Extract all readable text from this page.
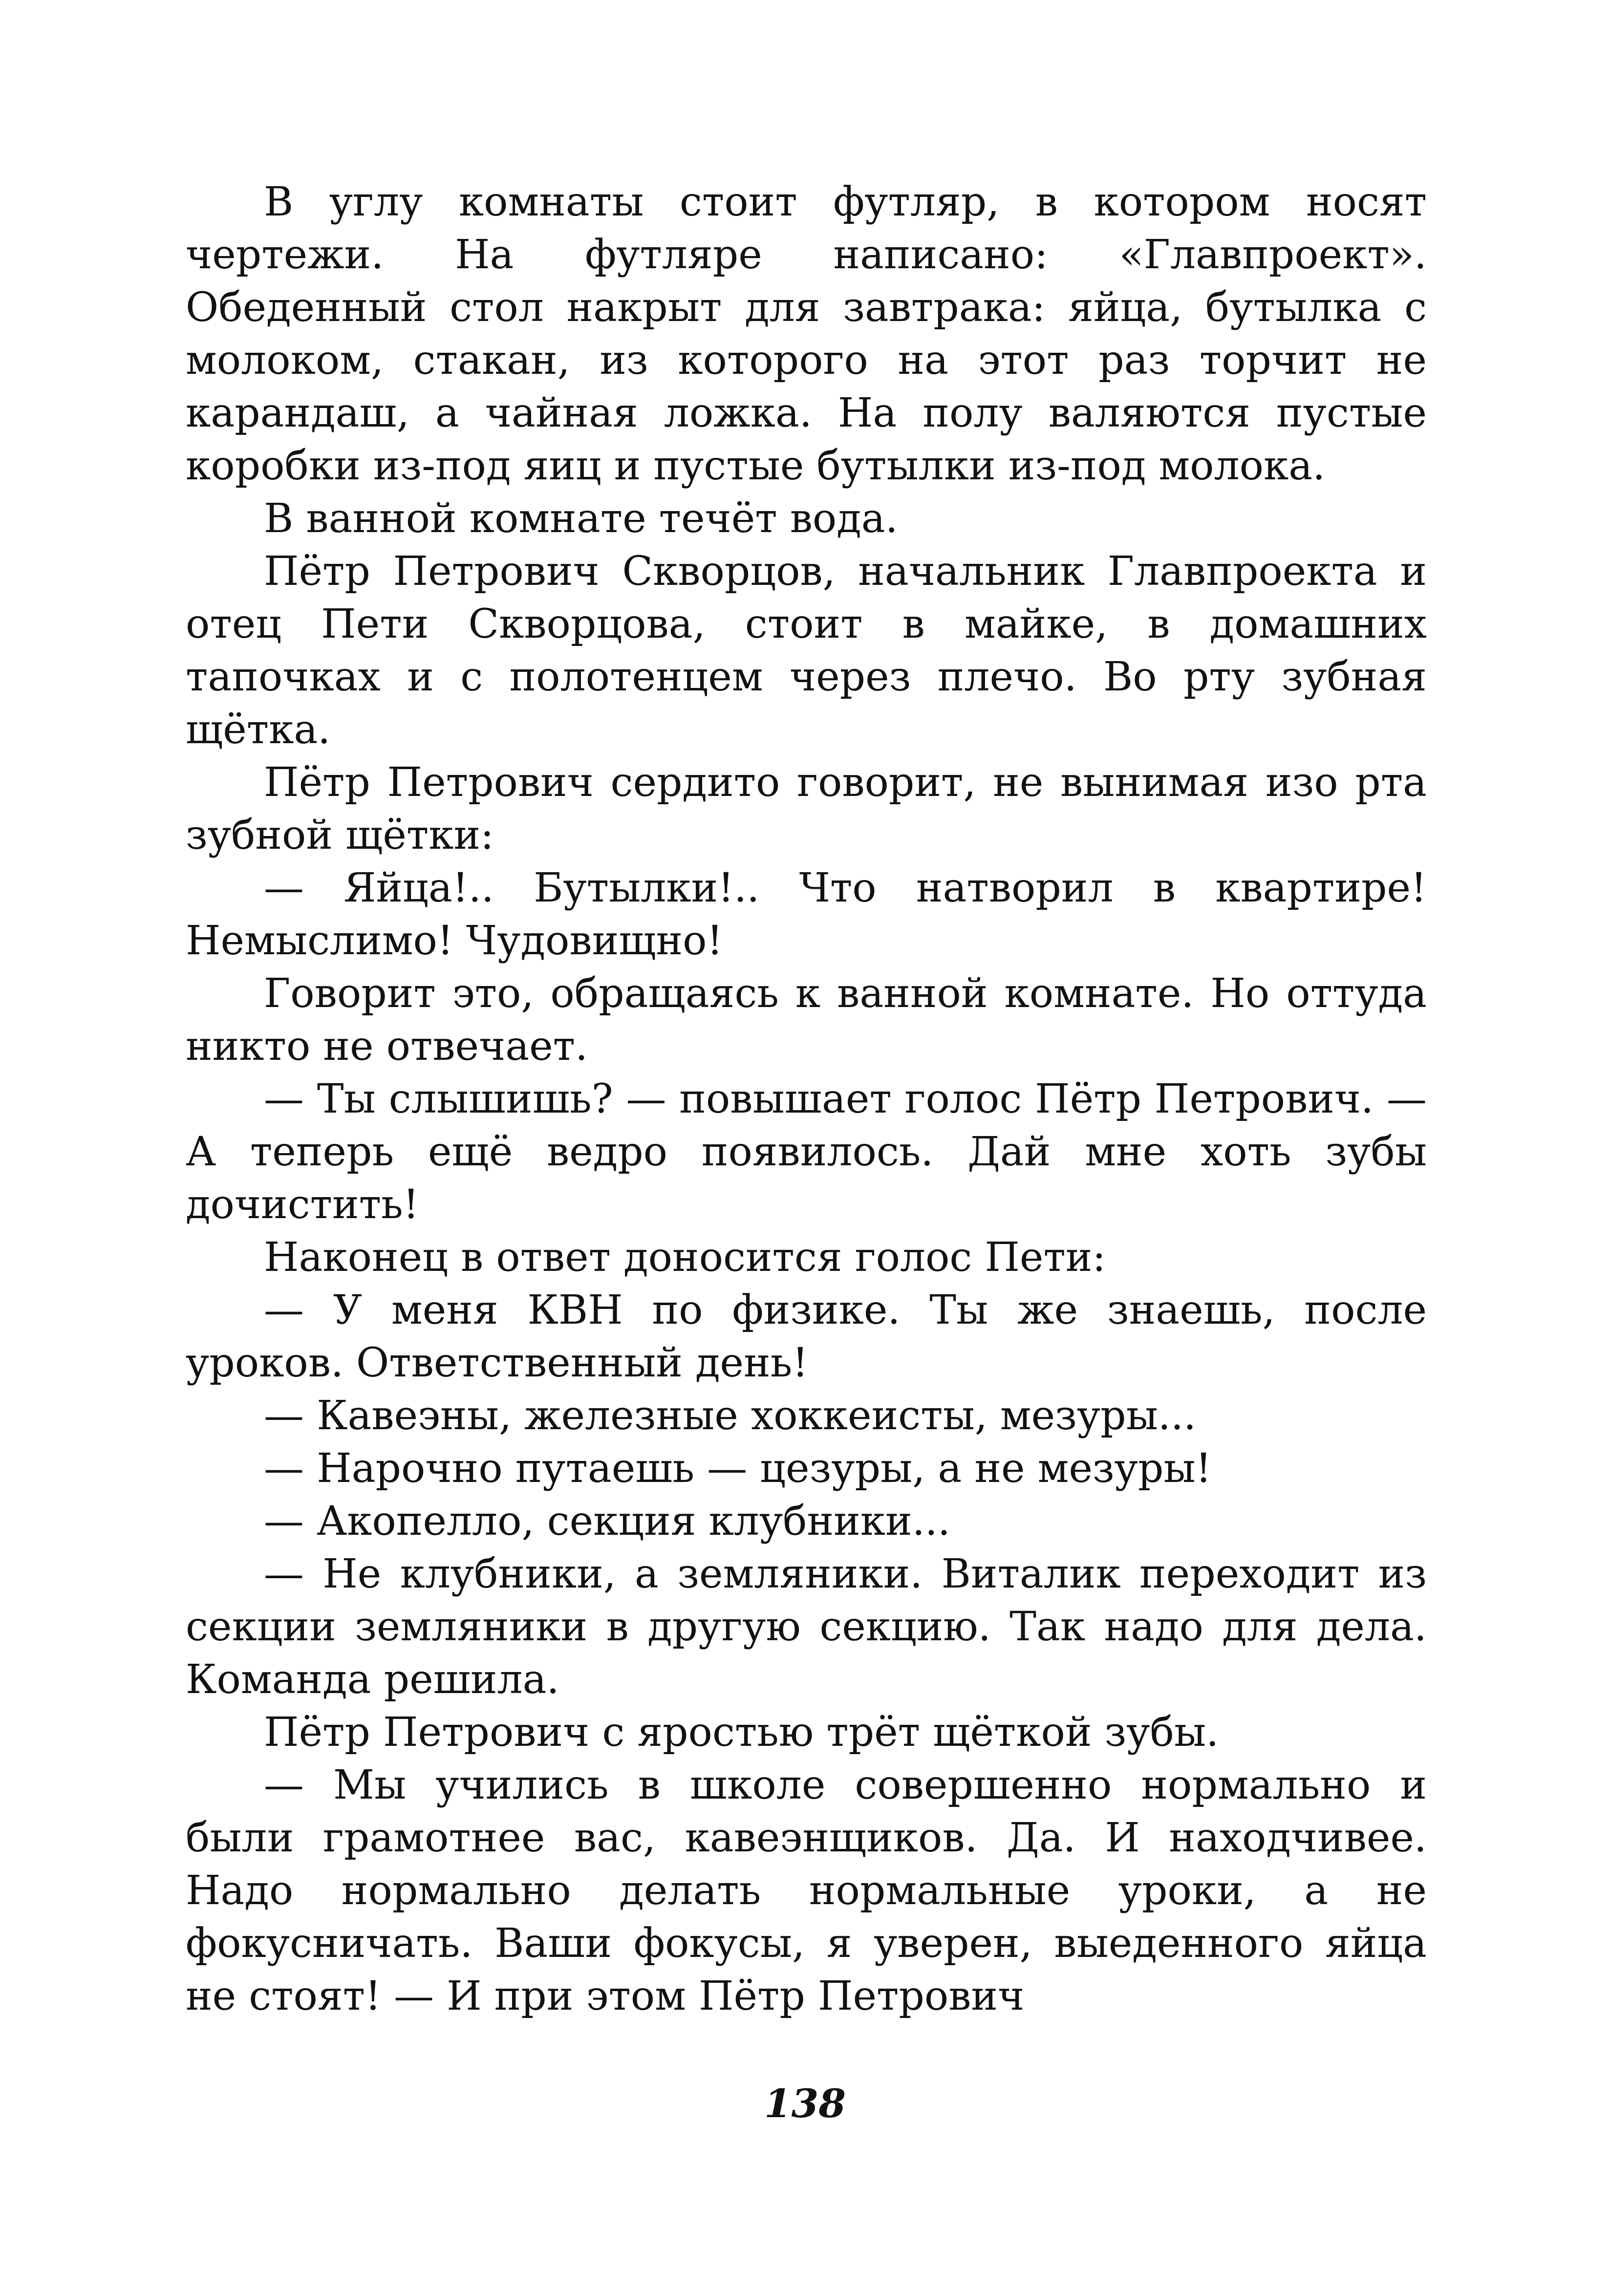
В углу комнаты стоит футляр, в котором носят чертежи. На футляре написано: «Главпроект». Обеденный стол накрыт для завтрака: яйца, бутылка с молоком, стакан, из которого на этот раз торчит не карандаш, а чайная ложка. На полу валяются пустые коробки из-под яиц и пустые бутылки из-под молока.

В ванной комнате течёт вода.

Пётр Петрович Скворцов, начальник Главпроекта и отец Пети Скворцова, стоит в майке, в домашних тапочках и с полотенцем через плечо. Во рту зубная щётка.

Пётр Петрович сердито говорит, не вынимая изо рта зубной щётки:

— Яйца!.. Бутылки!.. Что натворил в квартире! Немыслимо! Чудовищно!

Говорит это, обращаясь к ванной комнате. Но оттуда никто не отвечает.

— Ты слышишь? — повышает голос Пётр Петрович. — А теперь ещё ведро появилось. Дай мне хоть зубы дочистить!

Наконец в ответ доносится голос Пети:

— У меня КВН по физике. Ты же знаешь, после уроков. Ответственный день!

— Кавеэны, железные хоккеисты, мезуры...

— Нарочно путаешь — цезуры, а не мезуры!

— Акопелло, секция клубники...

— Не клубники, а земляники. Виталик переходит из секции земляники в другую секцию. Так надо для дела. Команда решила.

Пётр Петрович с яростью трёт щёткой зубы.

— Мы учились в школе совершенно нормально и были грамотнее вас, кавеэнщиков. Да. И находчивее. Надо нормально делать нормальные уроки, а не фокусничать. Ваши фокусы, я уверен, выеденного яйца не стоят! — И при этом Пётр Петрович

138
